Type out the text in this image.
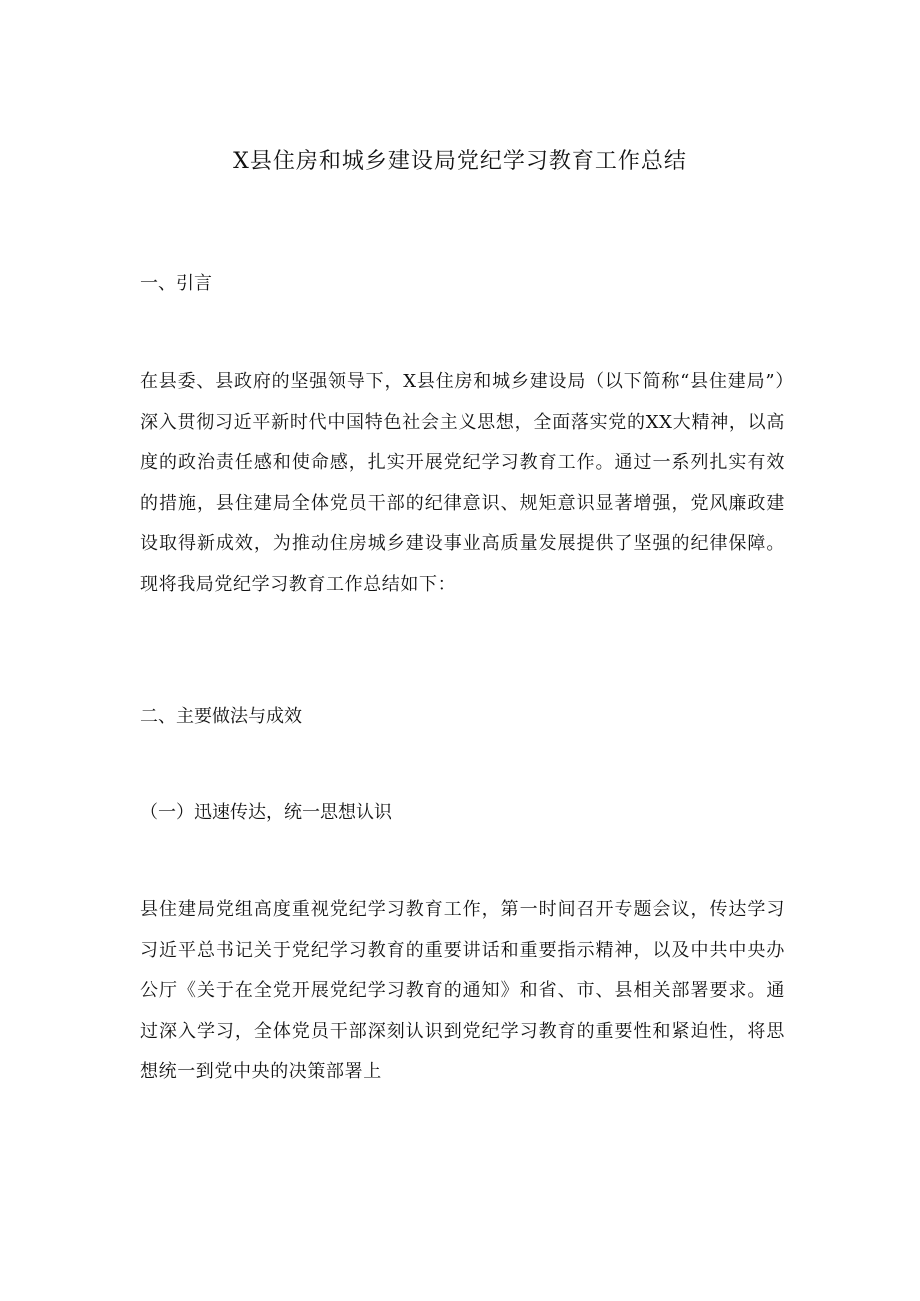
X县住房和城乡建设局党纪学习教育工作总结
一、引言
在县委、县政府的坚强领导下，X县住房和城乡建设局（以下简称“县住建局”）深入贯彻习近平新时代中国特色社会主义思想，全面落实党的XX大精神，以高度的政治责任感和使命感，扎实开展党纪学习教育工作。通过一系列扎实有效的措施，县住建局全体党员干部的纪律意识、规矩意识显著增强，党风廉政建设取得新成效，为推动住房城乡建设事业高质量发展提供了坚强的纪律保障。现将我局党纪学习教育工作总结如下：
二、主要做法与成效
（一）迅速传达，统一思想认识
县住建局党组高度重视党纪学习教育工作，第一时间召开专题会议，传达学习习近平总书记关于党纪学习教育的重要讲话和重要指示精神，以及中共中央办公厅《关于在全党开展党纪学习教育的通知》和省、市、县相关部署要求。通过深入学习，全体党员干部深刻认识到党纪学习教育的重要性和紧迫性，将思想统一到党中央的决策部署上
